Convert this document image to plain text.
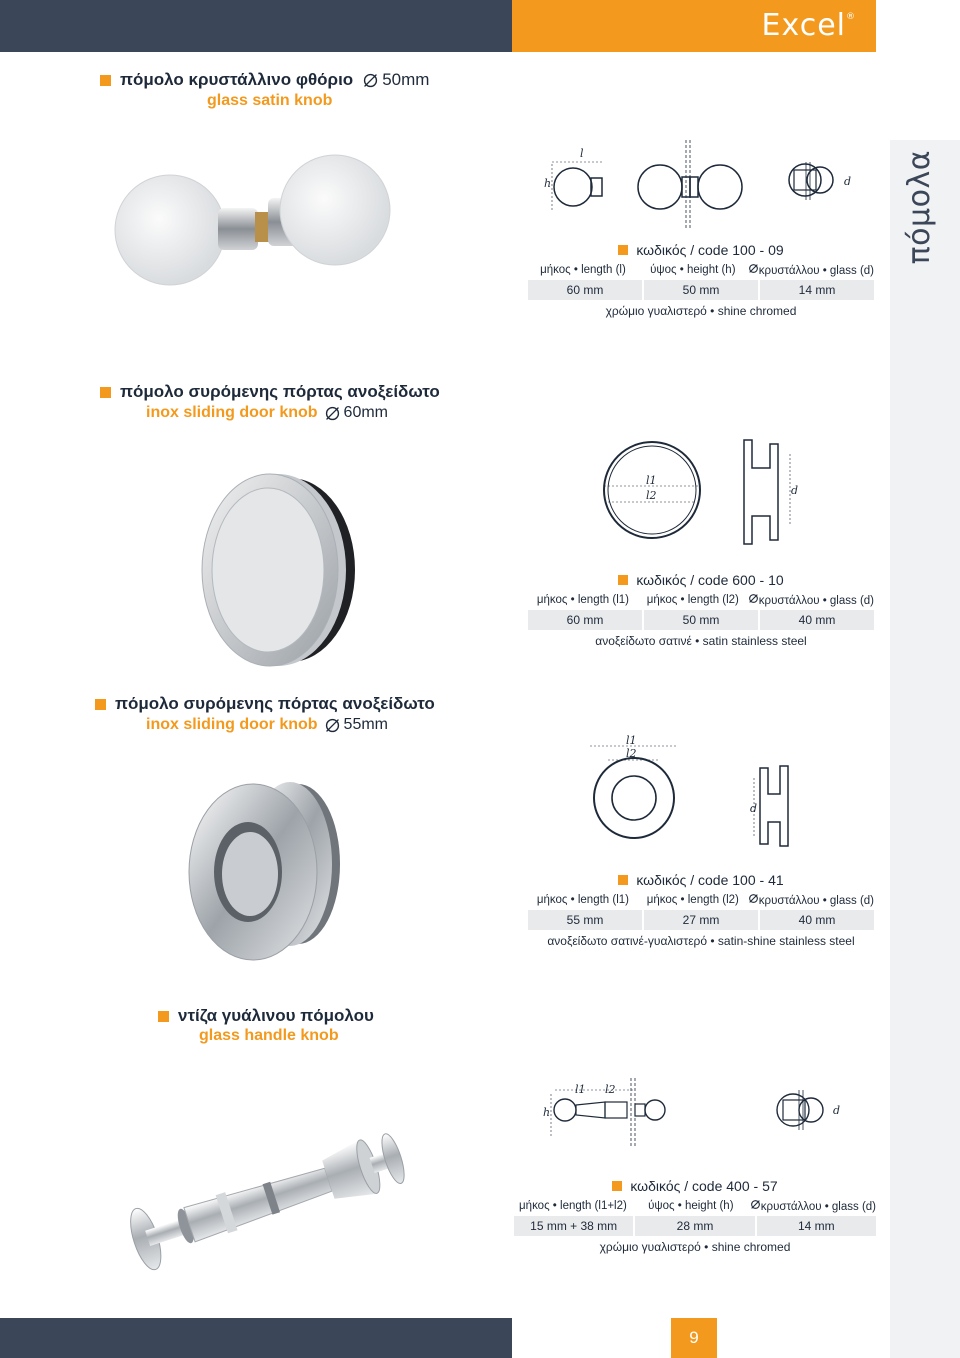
Excel®
πόμολα
πόμολο κρυστάλλινο φθόριο 50mm
glass satin knob
l
h	d
κωδικός / code 100 - 09
μήκος • length (l)	ύψος • height (h)	κρυστάλλου • glass (d)
60 mm	50 mm	14 mm
χρώμιο γυαλιστερό • shine chromed
πόμολο συρόμενης πόρτας ανοξείδωτο
inox sliding door knob 60mm
l1
l2	d
κωδικός / code 600 - 10
μήκος • length (l1)	μήκος • length (l2)	κρυστάλλου • glass (d)
60 mm	50 mm	40 mm
ανοξείδωτο σατινέ • satin stainless steel
πόμολο συρόμενης πόρτας ανοξείδωτο
inox sliding door knob 55mm
l1
l2
d
κωδικός / code 100 - 41
μήκος • length (l1)	μήκος • length (l2)	κρυστάλλου • glass (d)
55 mm	27 mm	40 mm
ανοξείδωτο σατινέ-γυαλιστερό • satin-shine stainless steel
ντίζα γυάλινου πόμολου
glass handle knob
l1 l2
h	d
κωδικός / code 400 - 57
μήκος • length (l1+l2)	ύψος • height (h)	κρυστάλλου • glass (d)
15 mm + 38 mm	28 mm	14 mm
χρώμιο γυαλιστερό • shine chromed
9
